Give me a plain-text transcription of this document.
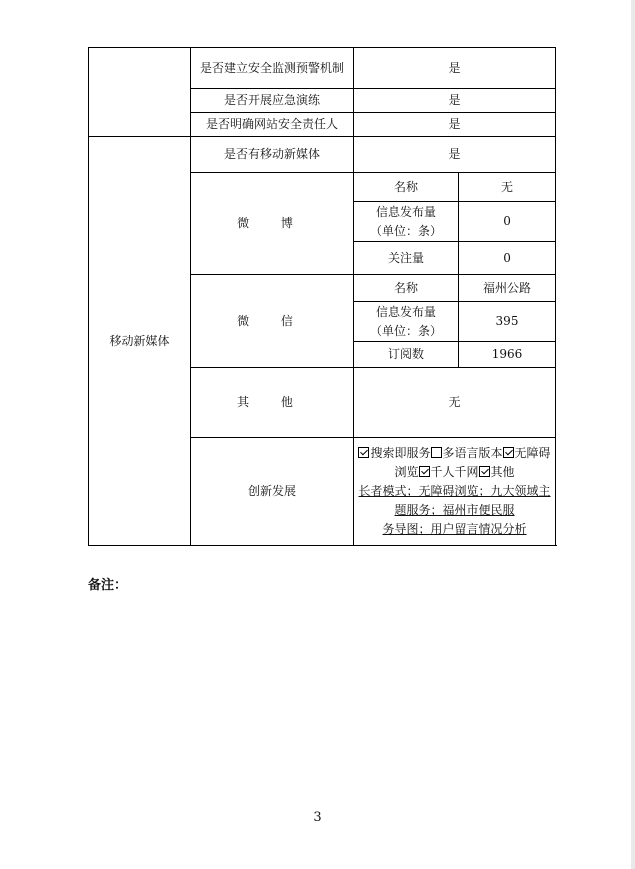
	是否建立安全监测预警机制	是	
	是否开展应急演练	是	
	是否明确网站安全责任人	是	
移动新媒体	是否有移动新媒体	是	
	微 博	名称	无
		信息发布量
（单位：条）	0
		关注量	0
	微 信	名称	福州公路
		信息发布量
（单位：条）	395
		订阅数	1966
	其 他	无	
	创新发展	搜索即服务 多语言版本 无障碍浏览 千人千网 其他
长者模式；无障碍浏览；九大领域主题服务；福州市便民服
务导图；用户留言情况分析	
备注：
3
